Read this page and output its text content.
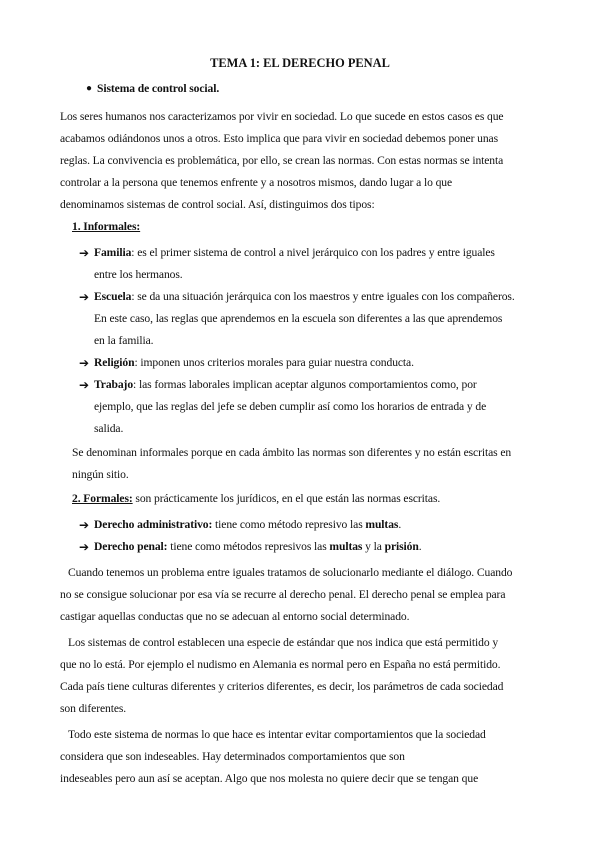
TEMA 1: EL DERECHO PENAL
● Sistema de control social.
Los seres humanos nos caracterizamos por vivir en sociedad. Lo que sucede en estos casos es que
acabamos odiándonos unos a otros. Esto implica que para vivir en sociedad debemos poner unas
reglas. La convivencia es problemática, por ello, se crean las normas. Con estas normas se intenta
controlar a la persona que tenemos enfrente y a nosotros mismos, dando lugar a lo que
denominamos sistemas de control social. Así, distinguimos dos tipos:
1. Informales:
➔ Familia: es el primer sistema de control a nivel jerárquico con los padres y entre iguales
entre los hermanos.
➔ Escuela: se da una situación jerárquica con los maestros y entre iguales con los compañeros.
En este caso, las reglas que aprendemos en la escuela son diferentes a las que aprendemos
en la familia.
➔ Religión: imponen unos criterios morales para guiar nuestra conducta.
➔ Trabajo: las formas laborales implican aceptar algunos comportamientos como, por
ejemplo, que las reglas del jefe se deben cumplir así como los horarios de entrada y de
salida.
Se denominan informales porque en cada ámbito las normas son diferentes y no están escritas en
ningún sitio.
2. Formales: son prácticamente los jurídicos, en el que están las normas escritas.
➔ Derecho administrativo: tiene como método represivo las multas.
➔ Derecho penal: tiene como métodos represivos las multas y la prisión.
Cuando tenemos un problema entre iguales tratamos de solucionarlo mediante el diálogo. Cuando
no se consigue solucionar por esa vía se recurre al derecho penal. El derecho penal se emplea para
castigar aquellas conductas que no se adecuan al entorno social determinado.
Los sistemas de control establecen una especie de estándar que nos indica que está permitido y
que no lo está. Por ejemplo el nudismo en Alemania es normal pero en España no está permitido.
Cada país tiene culturas diferentes y criterios diferentes, es decir, los parámetros de cada sociedad
son diferentes.
Todo este sistema de normas lo que hace es intentar evitar comportamientos que la sociedad
considera que son indeseables. Hay determinados comportamientos que son
indeseables pero aun así se aceptan. Algo que nos molesta no quiere decir que se tengan que
